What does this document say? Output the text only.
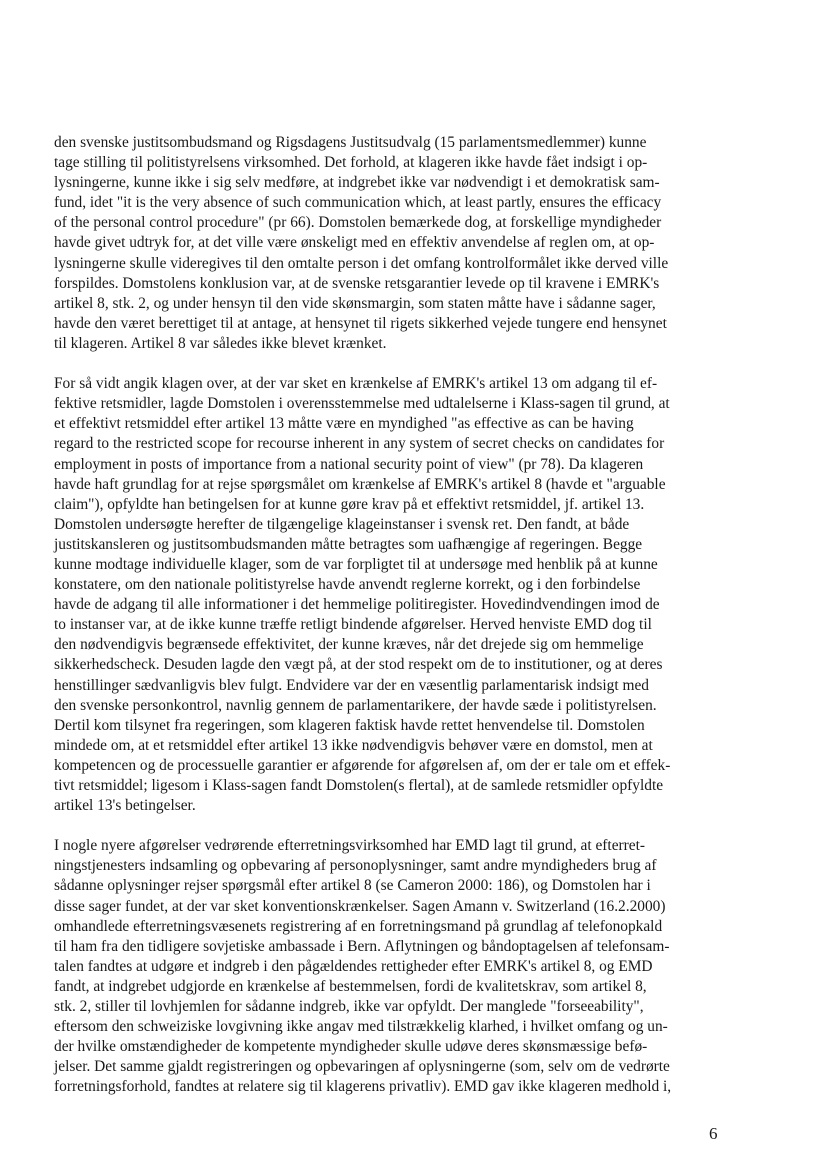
den svenske justitsombudsmand og Rigsdagens Justitsudvalg (15 parlamentsmedlemmer) kunne
tage stilling til politistyrelsens virksomhed. Det forhold, at klageren ikke havde fået indsigt i op-
lysningerne, kunne ikke i sig selv medføre, at indgrebet ikke var nødvendigt i et demokratisk sam-
fund, idet "it is the very absence of such communication which, at least partly, ensures the efficacy
of the personal control procedure" (pr 66). Domstolen bemærkede dog, at forskellige myndigheder
havde givet udtryk for, at det ville være ønskeligt med en effektiv anvendelse af reglen om, at op-
lysningerne skulle videregives til den omtalte person i det omfang kontrolformålet ikke derved ville
forspildes. Domstolens konklusion var, at de svenske retsgarantier levede op til kravene i EMRK's
artikel 8, stk. 2, og under hensyn til den vide skønsmargin, som staten måtte have i sådanne sager,
havde den været berettiget til at antage, at hensynet til rigets sikkerhed vejede tungere end hensynet
til klageren. Artikel 8 var således ikke blevet krænket.

For så vidt angik klagen over, at der var sket en krænkelse af EMRK's artikel 13 om adgang til ef-
fektive retsmidler, lagde Domstolen i overensstemmelse med udtalelserne i Klass-sagen til grund, at
et effektivt retsmiddel efter artikel 13 måtte være en myndighed "as effective as can be having
regard to the restricted scope for recourse inherent in any system of secret checks on candidates for
employment in posts of importance from a national security point of view" (pr 78). Da klageren
havde haft grundlag for at rejse spørgsmålet om krænkelse af EMRK's artikel 8 (havde et "arguable
claim"), opfyldte han betingelsen for at kunne gøre krav på et effektivt retsmiddel, jf. artikel 13.
Domstolen undersøgte herefter de tilgængelige klageinstanser i svensk ret. Den fandt, at både
justitskansleren og justitsombudsmanden måtte betragtes som uafhængige af regeringen. Begge
kunne modtage individuelle klager, som de var forpligtet til at undersøge med henblik på at kunne
konstatere, om den nationale politistyrelse havde anvendt reglerne korrekt, og i den forbindelse
havde de adgang til alle informationer i det hemmelige politiregister. Hovedindvendingen imod de
to instanser var, at de ikke kunne træffe retligt bindende afgørelser. Herved henviste EMD dog til
den nødvendigvis begrænsede effektivitet, der kunne kræves, når det drejede sig om hemmelige
sikkerhedscheck. Desuden lagde den vægt på, at der stod respekt om de to institutioner, og at deres
henstillinger sædvanligvis blev fulgt. Endvidere var der en væsentlig parlamentarisk indsigt med
den svenske personkontrol, navnlig gennem de parlamentarikere, der havde sæde i politistyrelsen.
Dertil kom tilsynet fra regeringen, som klageren faktisk havde rettet henvendelse til. Domstolen
mindede om, at et retsmiddel efter artikel 13 ikke nødvendigvis behøver være en domstol, men at
kompetencen og de processuelle garantier er afgørende for afgørelsen af, om der er tale om et effek-
tivt retsmiddel; ligesom i Klass-sagen fandt Domstolen(s flertal), at de samlede retsmidler opfyldte
artikel 13's betingelser.

I nogle nyere afgørelser vedrørende efterretningsvirksomhed har EMD lagt til grund, at efterret-
ningstjenesters indsamling og opbevaring af personoplysninger, samt andre myndigheders brug af
sådanne oplysninger rejser spørgsmål efter artikel 8 (se Cameron 2000: 186), og Domstolen har i
disse sager fundet, at der var sket konventionskrænkelser. Sagen Amann v. Switzerland (16.2.2000)
omhandlede efterretningsvæsenets registrering af en forretningsmand på grundlag af telefonopkald
til ham fra den tidligere sovjetiske ambassade i Bern. Aflytningen og båndoptagelsen af telefonsam-
talen fandtes at udgøre et indgreb i den pågældendes rettigheder efter EMRK's artikel 8, og EMD
fandt, at indgrebet udgjorde en krænkelse af bestemmelsen, fordi de kvalitetskrav, som artikel 8,
stk. 2, stiller til lovhjemlen for sådanne indgreb, ikke var opfyldt. Der manglede "forseeability",
eftersom den schweiziske lovgivning ikke angav med tilstrækkelig klarhed, i hvilket omfang og un-
der hvilke omstændigheder de kompetente myndigheder skulle udøve deres skønsmæssige befø-
jelser. Det samme gjaldt registreringen og opbevaringen af oplysningerne (som, selv om de vedrørte
forretningsforhold, fandtes at relatere sig til klagerens privatliv). EMD gav ikke klageren medhold i,

6
